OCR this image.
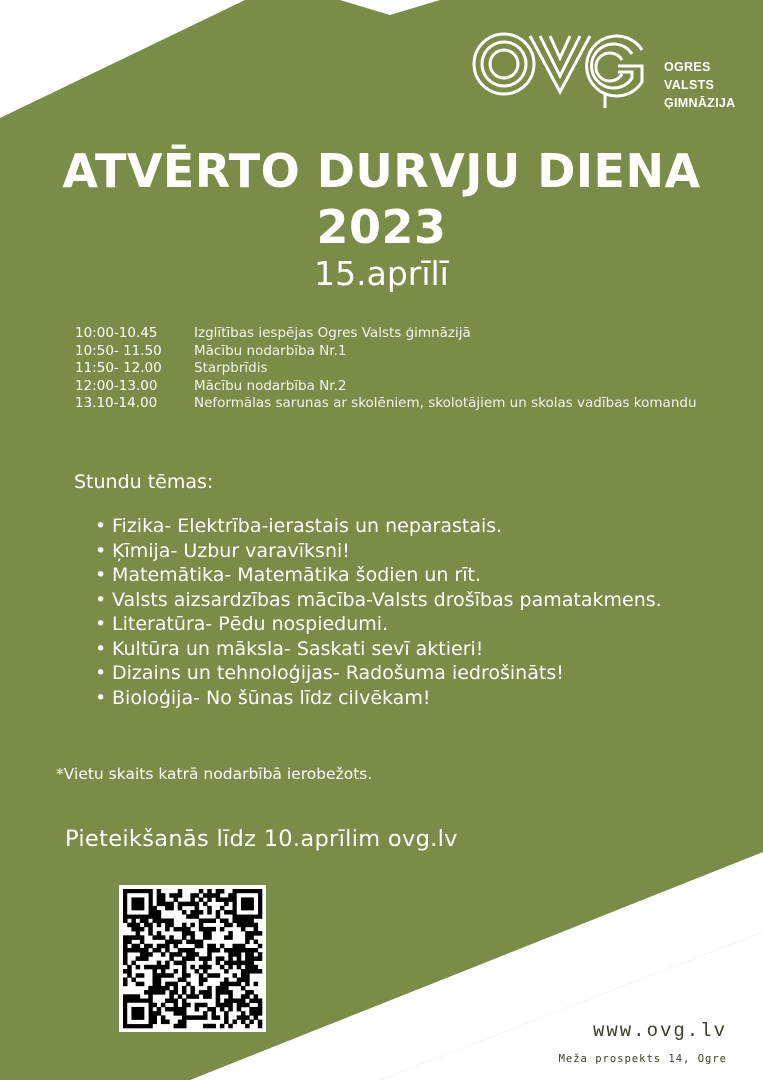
OGRES
VALSTS
ĢIMNĀZIJA
ATVĒRTO DURVJU DIENA
2023
15.aprīlī
10:00-10.45	Izglītības iespējas Ogres Valsts ģimnāzijā
10:50- 11.50	Mācību nodarbība Nr.1
11:50- 12.00	Starpbrīdis
12:00-13.00	Mācību nodarbība Nr.2
13.10-14.00	Neformālas sarunas ar skolēniem, skolotājiem un skolas vadības komandu
Stundu tēmas:
• Fizika- Elektrība-ierastais un neparastais.
• Ķīmija- Uzbur varavīksni!
• Matemātika- Matemātika šodien un rīt.
• Valsts aizsardzības mācība-Valsts drošības pamatakmens.
• Literatūra- Pēdu nospiedumi.
• Kultūra un māksla- Saskati sevī aktieri!
• Dizains un tehnoloģijas- Radošuma iedrošināts!
• Bioloģija- No šūnas līdz cilvēkam!
*Vietu skaits katrā nodarbībā ierobežots.
Pieteikšanās līdz 10.aprīlim ovg.lv
www.ovg.lv
Meža prospekts 14, Ogre
